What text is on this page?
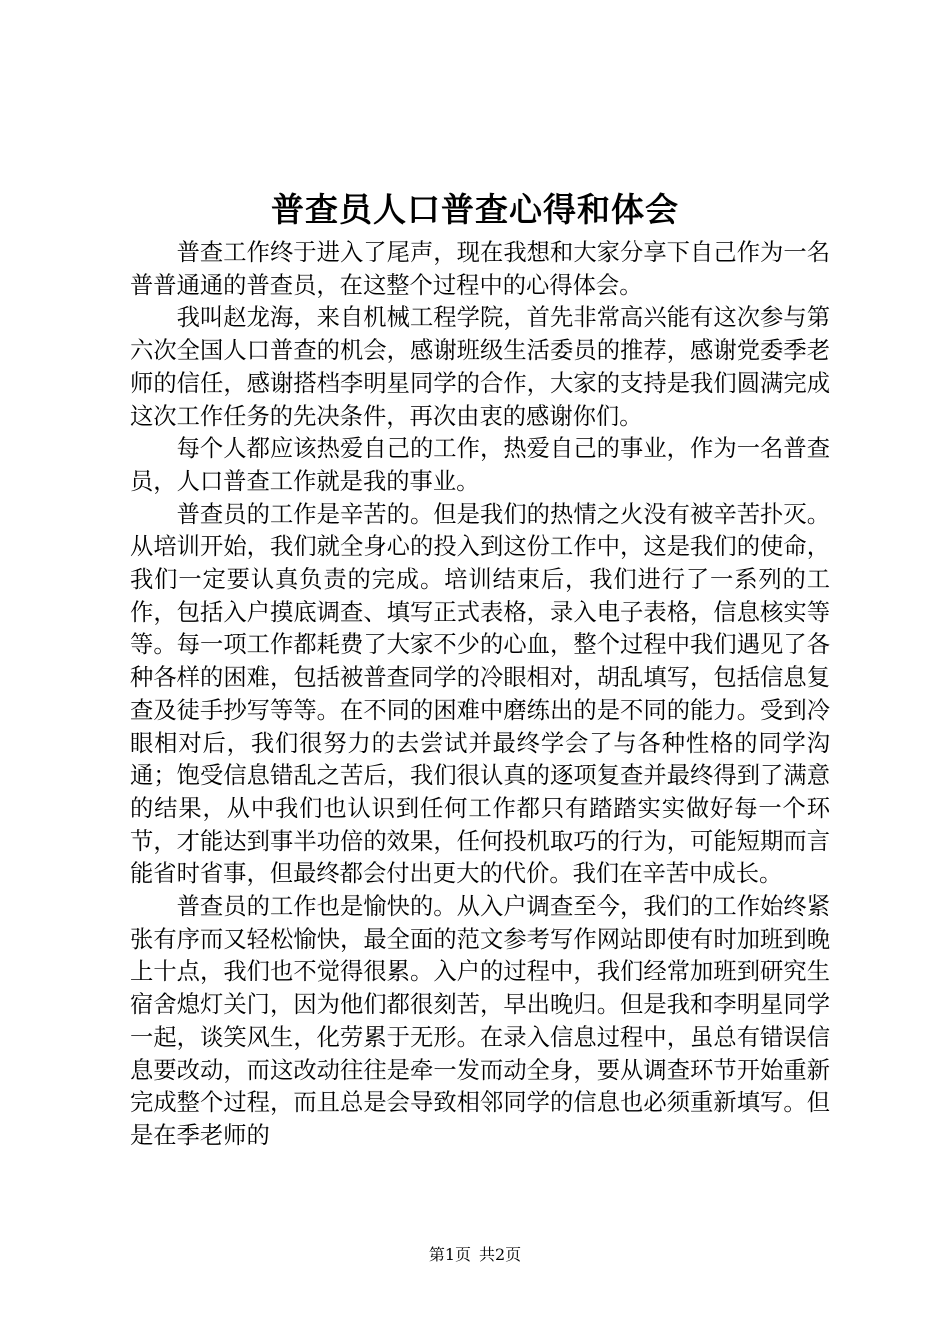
普查员人口普查心得和体会

普查工作终于进入了尾声，现在我想和大家分享下自己作为一名普普通通的普查员，在这整个过程中的心得体会。

我叫赵龙海，来自机械工程学院，首先非常高兴能有这次参与第六次全国人口普查的机会，感谢班级生活委员的推荐，感谢党委季老师的信任，感谢搭档李明星同学的合作，大家的支持是我们圆满完成这次工作任务的先决条件，再次由衷的感谢你们。

每个人都应该热爱自己的工作，热爱自己的事业，作为一名普查员，人口普查工作就是我的事业。

普查员的工作是辛苦的。但是我们的热情之火没有被辛苦扑灭。从培训开始，我们就全身心的投入到这份工作中，这是我们的使命，我们一定要认真负责的完成。培训结束后，我们进行了一系列的工作，包括入户摸底调查、填写正式表格，录入电子表格，信息核实等等。每一项工作都耗费了大家不少的心血，整个过程中我们遇见了各种各样的困难，包括被普查同学的冷眼相对，胡乱填写，包括信息复查及徒手抄写等等。在不同的困难中磨练出的是不同的能力。受到冷眼相对后，我们很努力的去尝试并最终学会了与各种性格的同学沟通；饱受信息错乱之苦后，我们很认真的逐项复查并最终得到了满意的结果，从中我们也认识到任何工作都只有踏踏实实做好每一个环节，才能达到事半功倍的效果，任何投机取巧的行为，可能短期而言能省时省事，但最终都会付出更大的代价。我们在辛苦中成长。

普查员的工作也是愉快的。从入户调查至今，我们的工作始终紧张有序而又轻松愉快，最全面的范文参考写作网站即使有时加班到晚上十点，我们也不觉得很累。入户的过程中，我们经常加班到研究生宿舍熄灯关门，因为他们都很刻苦，早出晚归。但是我和李明星同学一起，谈笑风生，化劳累于无形。在录入信息过程中，虽总有错误信息要改动，而这改动往往是牵一发而动全身，要从调查环节开始重新完成整个过程，而且总是会导致相邻同学的信息也必须重新填写。但是在季老师的

第1页 共2页
